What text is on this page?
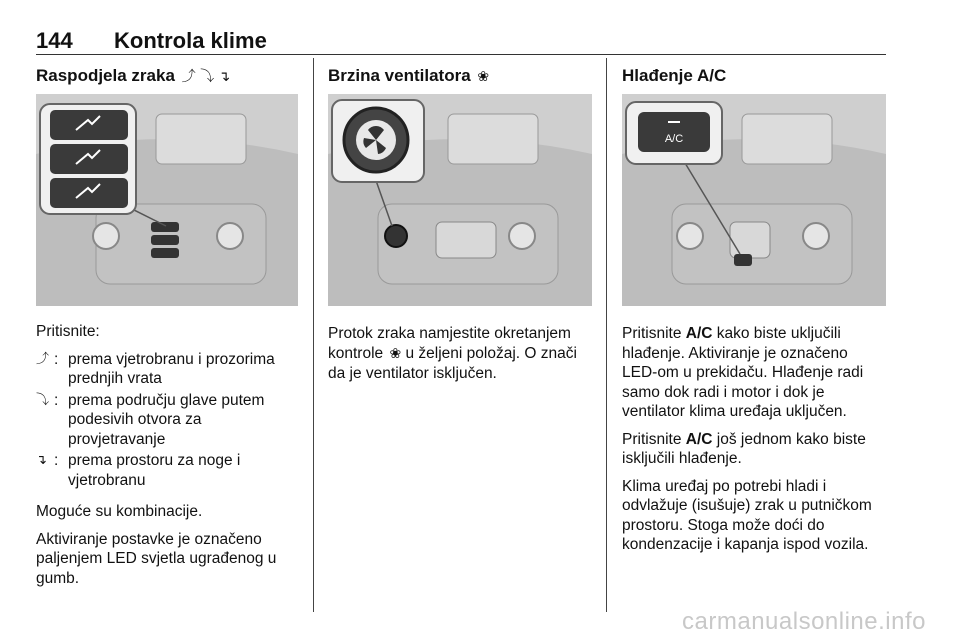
144 Kontrola klime
Raspodjela zraka ⤴ ⤵ ↴

Pritisnite:

⤴ : prema vjetrobranu i prozorima prednjih vrata
⤵ : prema području glave putem podesivih otvora za provjetravanje
↴ : prema prostoru za noge i vjetrobranu

Moguće su kombinacije.

Aktiviranje postavke je označeno paljenjem LED svjetla ugrađenog u gumb.

Brzina ventilatora ❀

Protok zraka namjestite okretanjem kontrole ❀ u željeni položaj. O znači da je ventilator isključen.

Hlađenje A/C
A/C

Pritisnite A/C kako biste uključili hlađenje. Aktiviranje je označeno LED-om u prekidaču. Hlađenje radi samo dok radi i motor i dok je ventilator klima uređaja uključen.

Pritisnite A/C još jednom kako biste isključili hlađenje.

Klima uređaj po potrebi hladi i odvlažuje (isušuje) zrak u putničkom prostoru. Stoga može doći do kondenzacije i kapanja ispod vozila.

carmanualsonline.info
